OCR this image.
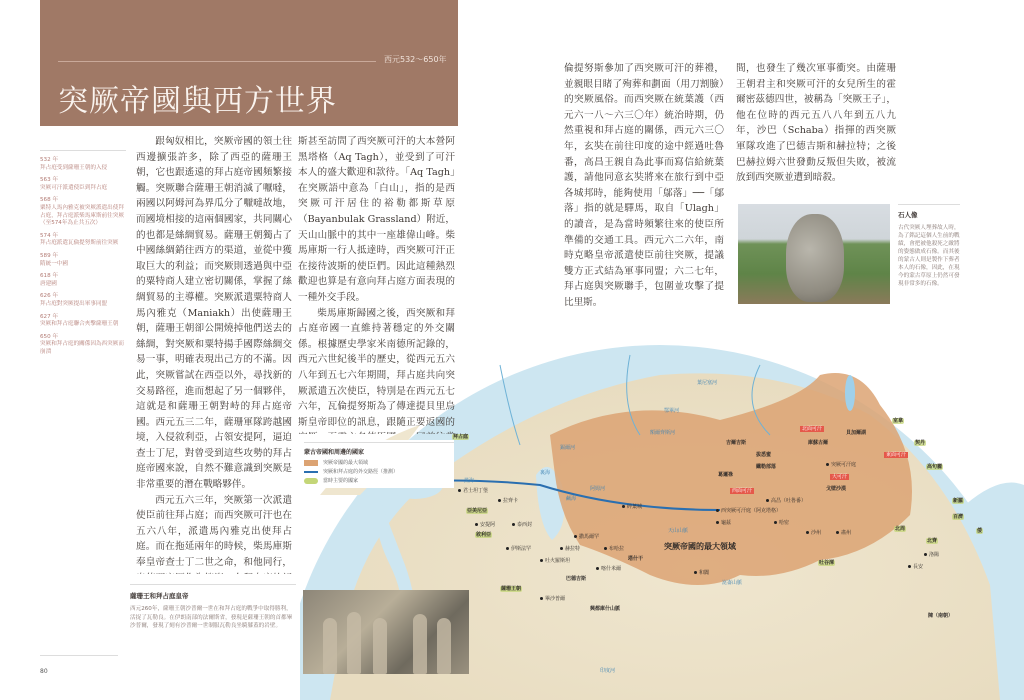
西元532～650年
突厥帝國與西方世界
532 年
拜占庭受到薩珊王朝的入侵
563 年
突厥可汗派遣使臣到拜占庭
568 年
粟特人馬內雅克被突厥派遣出使拜占庭，拜占庭派柴馬庫斯前往突厥（至574年為止共五次）
574 年
拜占庭派遣瓦倫提努斯前往突厥
589 年
隋統一中國
618 年
唐建國
626 年
拜占庭對突厥提出軍事同盟
627 年
突厥和拜占庭聯合夾擊薩珊王朝
650 年
突厥和拜占庭的關係因為西突厥而崩潰
拜占庭
黑海
君士坦丁堡
拉齊卡
亞美尼亞
裏海
安提阿
敘利亞
泰西封
伊斯法罕
吐火羅斯坦
薩珊王朝
畢沙普爾
巴德吉斯
赫拉特
撒馬爾罕
布哈拉
喀什米爾
塔什干
興都庫什山脈
印度河
碎葉城
西突厥可汗庭（阿克塔格）
高昌（吐魯番）
龜茲	哈密
和闐
崑崙山脈
突厥帝國的最大領域
戈壁沙漠
北面可汗
東面可汗
西面可汗
大可汗
突厥可汗庭
吉爾吉斯
拔悉蜜
葛邏祿
鐵勒部落
庫蘇古爾
貝加爾湖
室韋
契丹
高句麗
新羅
百濟
倭
北周
北齊
洛陽
長安
吐谷渾
沙州	肅州
陳（南朝）
葉尼塞河
鄂畢河
額爾齊斯河
天山山脈
鹹海
阿姆河
錫爾河
蒙古帝國和周邊的國家
突厥帝國的最大領域
突厥和拜占庭的外交路徑（推測）
當時主要的國家

跟匈奴相比，突厥帝國的領土往西邊擴張許多，除了西亞的薩珊王朝，它也跟遙遠的拜占庭帝國頻繁接觸。突厥聯合薩珊王朝消滅了嚈噠，兩國以阿姆河為界瓜分了嚈噠故地，而國境相接的這兩個國家，共同關心的也都是絲綢貿易。薩珊王朝獨占了中國絲綢銷往西方的渠道，並從中獲取巨大的利益；而突厥則透過與中亞的粟特商人建立密切關係，掌握了絲綢貿易的主導權。突厥派遣粟特商人馬內雅克（Maniakh）出使薩珊王朝，薩珊王朝卻公開燒掉他們送去的絲綢，對突厥和粟特揚手國際絲綢交易一事，明確表現出己方的不滿。因此，突厥嘗試在西亞以外，尋找新的交易路徑，進而想起了另一個夥伴，這就是和薩珊王朝對峙的拜占庭帝國。西元五三二年，薩珊軍隊跨越國境，入侵敘利亞，占領安提阿，逼迫查士丁尼，對曾受到這些攻勢的拜占庭帝國來說，自然不難意識到突厥是非常重要的潛在戰略夥伴。

西元五六三年，突厥第一次派遣使臣前往拜占庭；而西突厥可汗也在五六八年，派遣馬內雅克出使拜占庭。而在拖延兩年的時候，柴馬庫斯奉皇帝查士丁二世之命，和他同行，

斯甚至訪問了西突厥可汗的大本營阿黑塔格（Aq Tagh），並受到了可汗本人的盛大歡迎和款待。「Aq Tagh」在突厥語中意為「白山」，指的是西突厥可汗居住的裕勒都斯草原（Bayanbulak Grassland）附近，天山山脈中的其中一座雄偉山峰。柴馬庫斯一行人抵達時，西突厥可汗正在接待波斯的使臣們。因此這種熱烈歡迎也算是有意向拜占庭方面表現的一種外交手段。

柴馬庫斯歸國之後，西突厥和拜占庭帝國一直維持著穩定的外交關係。根據歷史學家米南德所記錄的，西元六世紀後半的歷史，從西元五六八年到五七六年期間，拜占庭共向突厥派遣五次使臣，特別是在西元五七六年，瓦倫提努斯為了傳達提貝里烏斯皇帝即位的訊息，跟隨正要返國的

倫提努斯參加了西突厥可汗的葬禮，並親眼目睹了殉葬和劃面（用刀割臉）的突厥風俗。而西突厥在統葉護（西元六一八～六三〇年）統治時期，仍然重視和拜占庭的關係，西元六三〇年，玄奘在前往印度的途中經過吐魯番，高昌王親自為此事而寫信給統葉護，請他同意玄奘將來在旅行到中亞各城邦時，能夠使用「鄔落」──「鄔落」指的就是驛馬，取自「Ulagh」的讀音，是為當時頻繁往來的使臣所準備的交通工具。西元六二六年，南時克略皇帝派遣使臣前往突厥，提議雙方正式結為軍事同盟；六二七年，拜占庭與突厥聯手，包圍並攻擊了提比里斯。

間，也發生了幾次軍事衝突。由薩珊王朝君主和突厥可汗的女兒所生的霍爾密茲德四世，被稱為「突厥王子」，他在位時的西元五八八年到五八九年，沙巴（Schaba）指揮的西突厥軍隊攻進了巴德吉斯和赫拉特；之後巴赫拉姆六世發動反叛但失敗，被流放到西突厥並遭到暗殺。

石人像
古代突厥人埋葬故人時，為了銘記這個人生前的戰績，會把被他殺死之敵將的姿態做成石像。而其後的蒙古人則是製作下葬者本人的石像，因此，在現今的蒙古草原上仍然可發現非常多的石像。
薩珊王和拜占庭皇帝
西元260年，薩珊王朝沙普爾一世在和拜占庭的戰爭中取得勝利，活捉了瓦勒良。在伊朗南部的法爾斯省，發現是薩珊王朝的首都畢沙普爾，發現了刻有沙普爾一世制服瓦勒良坐騎膝蓋的岩壁。
80
